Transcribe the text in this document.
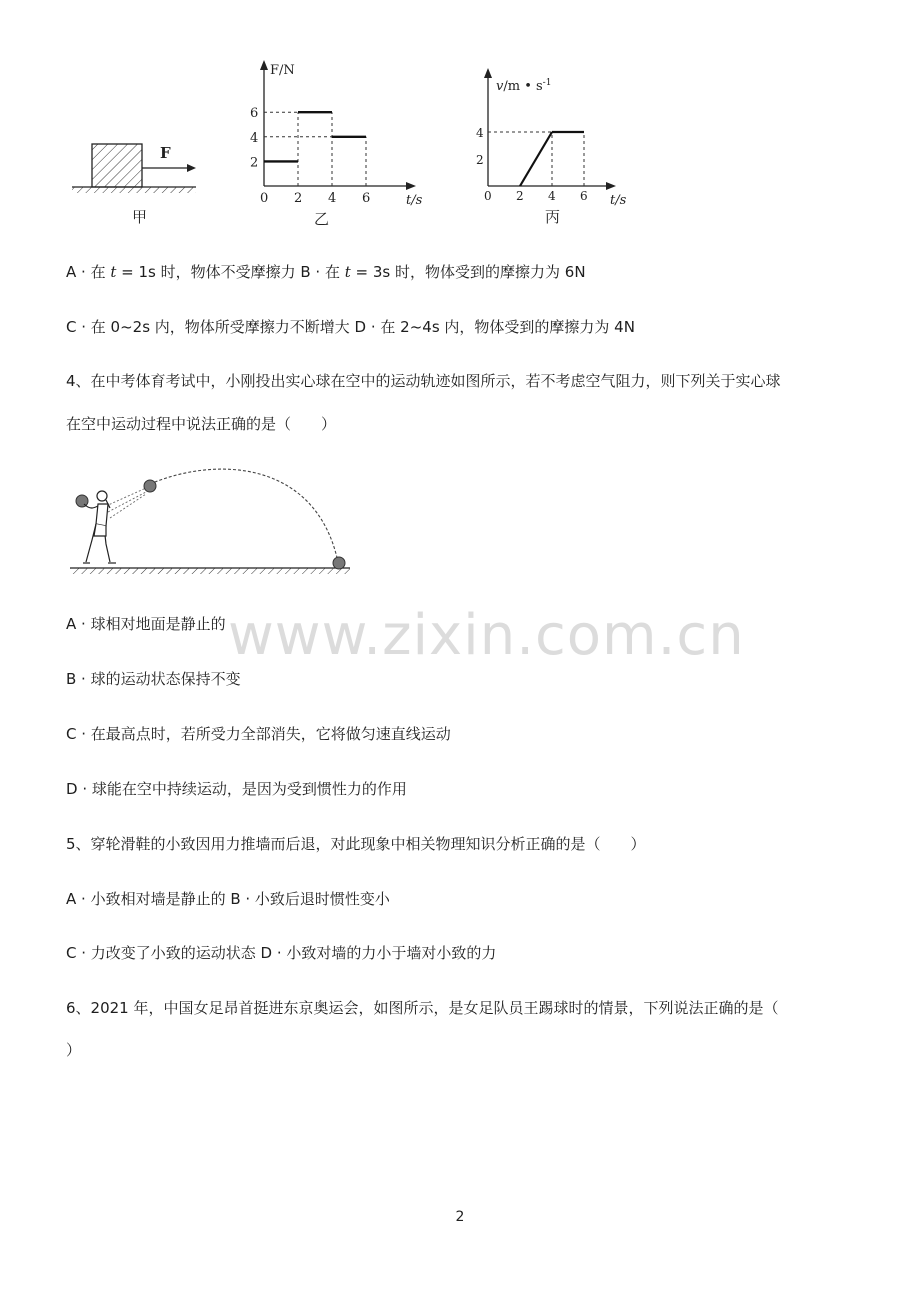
F
甲
F/N
t/s
0 2 4 6
2
4
6
乙
v/m • $s^{-1}$
t/s
0 2 4 6
2
4
丙
A · 在 t = 1s 时，物体不受摩擦力 B · 在 t = 3s 时，物体受到的摩擦力为 6N
C · 在 0~2s 内，物体所受摩擦力不断增大 D · 在 2~4s 内，物体受到的摩擦力为 4N
4、在中考体育考试中，小刚投出实心球在空中的运动轨迹如图所示，若不考虑空气阻力，则下列关于实心球
在空中运动过程中说法正确的是（　　）
A · 球相对地面是静止的
B · 球的运动状态保持不变
C · 在最高点时，若所受力全部消失，它将做匀速直线运动
D · 球能在空中持续运动，是因为受到惯性力的作用
5、穿轮滑鞋的小致因用力推墙而后退，对此现象中相关物理知识分析正确的是（　　）
A · 小致相对墙是静止的 B · 小致后退时惯性变小
C · 力改变了小致的运动状态 D · 小致对墙的力小于墙对小致的力
6、2021 年，中国女足昂首挺进东京奥运会，如图所示，是女足队员王踢球时的情景，下列说法正确的是（
）
www.zixin.com.cn
2
